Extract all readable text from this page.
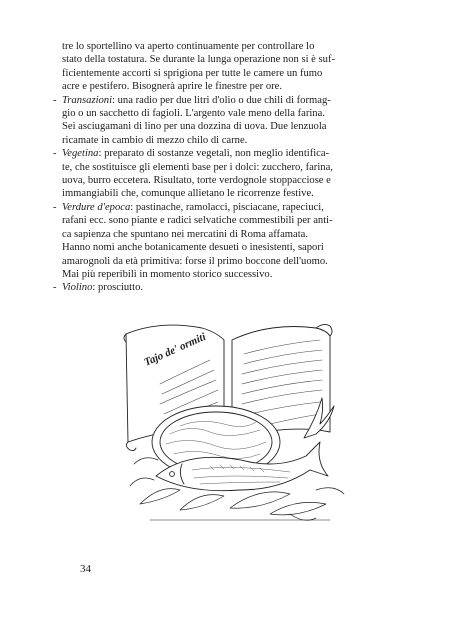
tre lo sportellino va aperto continuamente per controllare lo
stato della tostatura. Se durante la lunga operazione non si è suf-
ficientemente accorti si sprigiona per tutte le camere un fumo
acre e pestifero. Bisognerà aprire le finestre per ore.

- Transazioni: una radio per due litri d'olio o due chili di formag-
gio o un sacchetto di fagioli. L'argento vale meno della farina.
Sei asciugamani di lino per una dozzina di uova. Due lenzuola
ricamate in cambio di mezzo chilo di carne.

- Vegetina: preparato di sostanze vegetali, non meglio identifica-
te, che sostituisce gli elementi base per i dolci: zucchero, farina,
uova, burro eccetera. Risultato, torte verdognole stoppacciose e
immangiabili che, comunque allietano le ricorrenze festive.

- Verdure d'epoca: pastinache, ramolacci, pisciacane, rapeciuci,
rafani ecc. sono piante e radici selvatiche commestibili per anti-
ca sapienza che spuntano nei mercatini di Roma affamata.
Hanno nomi anche botanicamente desueti o inesistenti, sapori
amarognoli da età primitiva: forse il primo boccone dell'uomo.
Mai più reperibili in momento storico successivo.

- Violino: prosciutto.

Tajo de' ormiti
34
